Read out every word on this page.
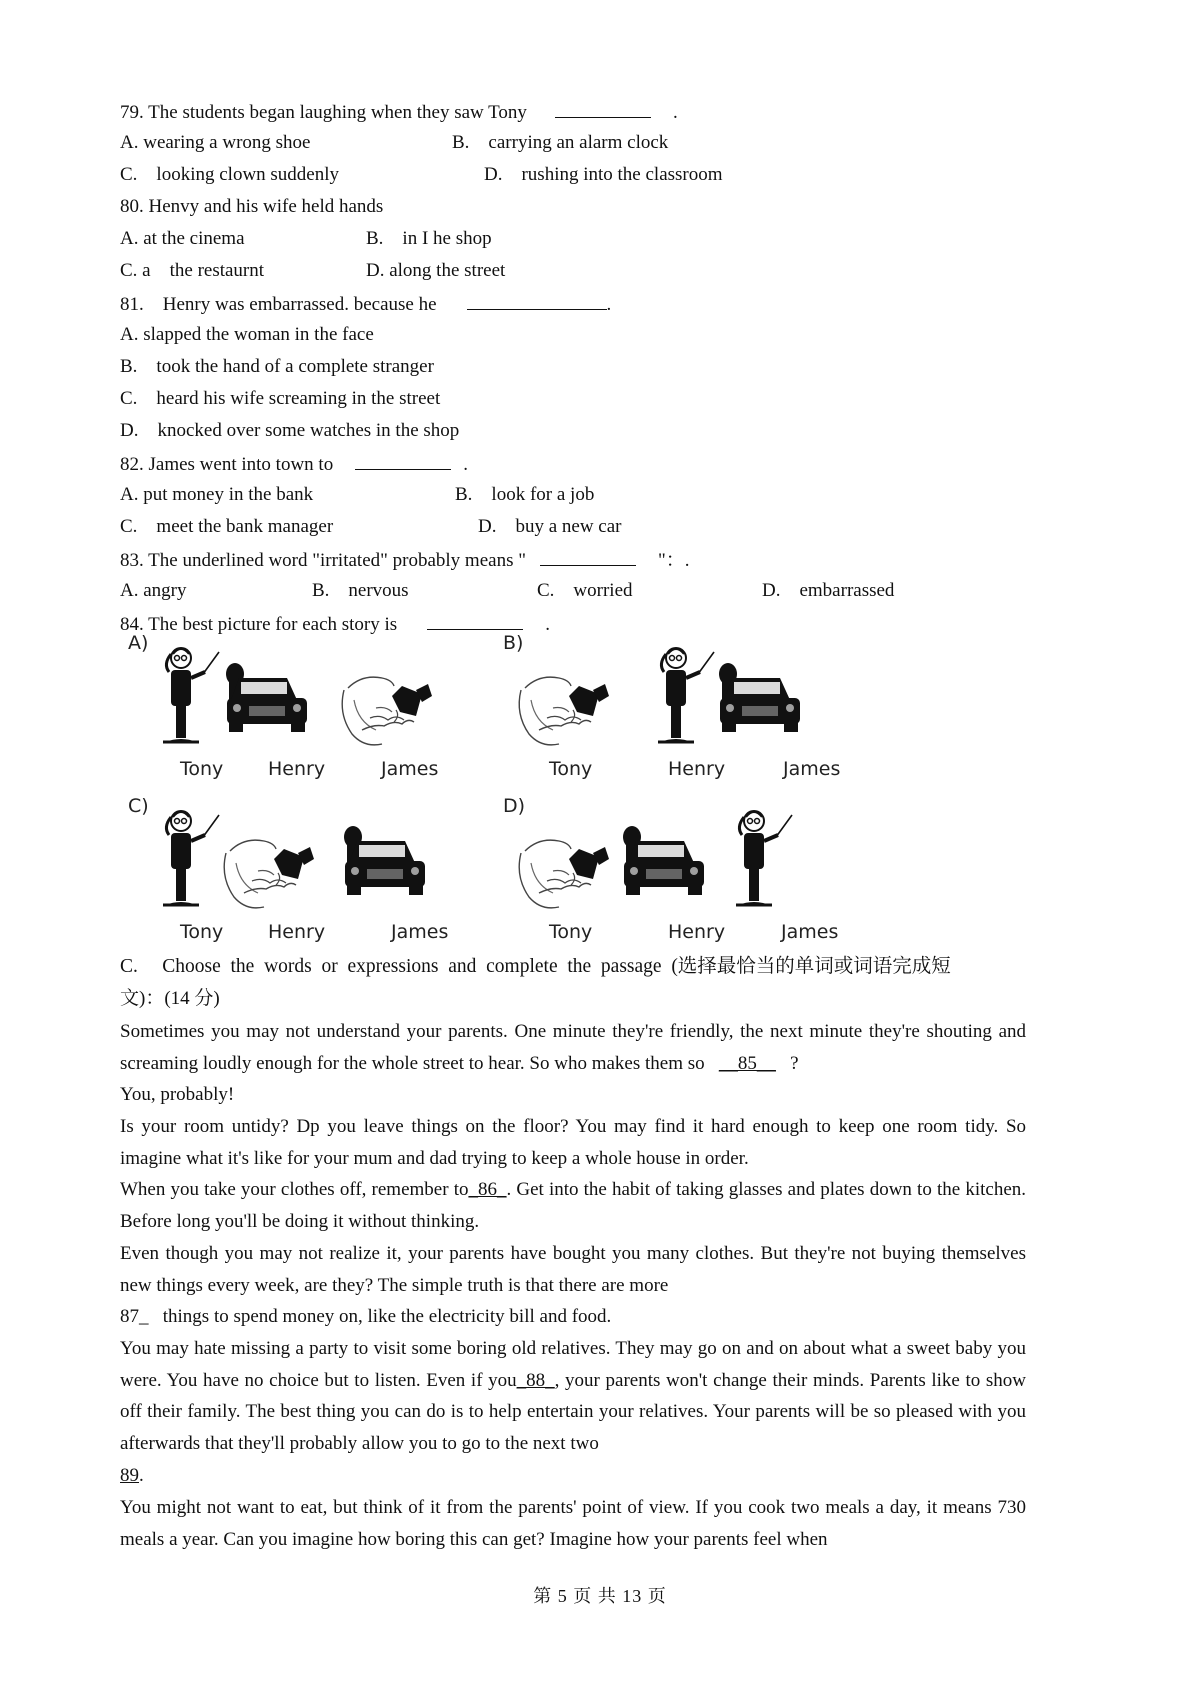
79. The students began laughing when they saw Tony	.
A. wearing a wrong shoe	B.    carrying an alarm clock
C.    looking clown suddenly	D.    rushing into the classroom
80. Henvy and his wife held hands
A. at the cinema	B.    in I he shop
C. a    the restaurnt	D. along the street
81.    Henry was embarrassed. because he	.
A. slapped the woman in the face
B.    took the hand of a complete stranger
C.    heard his wife screaming in the street
D.    knocked over some watches in the shop
82. James went into town to	.
A. put money in the bank	B.    look for a job
C.    meet the bank manager	D.    buy a new car
83. The underlined word "irritated" probably means "	"：.
A. angry	B.    nervous	C.    worried	D.    embarrassed
84. The best picture for each story is	.
A)
Tony Henry	James
B)
Tony	Henry	James
C)
Tony Henry	James
D)
Tony	Henry	James
C.     Choose  the  words  or  expressions  and  complete  the  passage  (选择最恰当的单词或词语完成短
文)：(14 分)
Sometimes you may not understand your parents. One minute they're friendly, the next minute they're shouting and screaming loudly enough for the whole street to hear. So who makes them so __85__ ?
You, probably!
Is your room untidy? Dp you leave things on the floor? You may find it hard enough to keep one room tidy. So imagine what it's like for your mum and dad trying to keep a whole house in order.
When you take your clothes off, remember to_86_. Get into the habit of taking glasses and plates down to the kitchen. Before long you'll be doing it without thinking.
Even though you may not realize it, your parents have bought you many clothes. But they're not buying themselves new things every week, are they? The simple truth is that there are more
87_ things to spend money on, like the electricity bill and food.
You may hate missing a party to visit some boring old relatives. They may go on and on about what a sweet baby you were. You have no choice but to listen. Even if you_88_, your parents won't change their minds. Parents like to show off their family. The best thing you can do is to help entertain your relatives. Your parents will be so pleased with you afterwards that they'll probably allow you to go to the next two
89.
You might not want to eat, but think of it from the parents' point of view. If you cook two meals a day, it means 730 meals a year. Can you imagine how boring this can get? Imagine how your parents feel when
第 5 页 共 13 页
